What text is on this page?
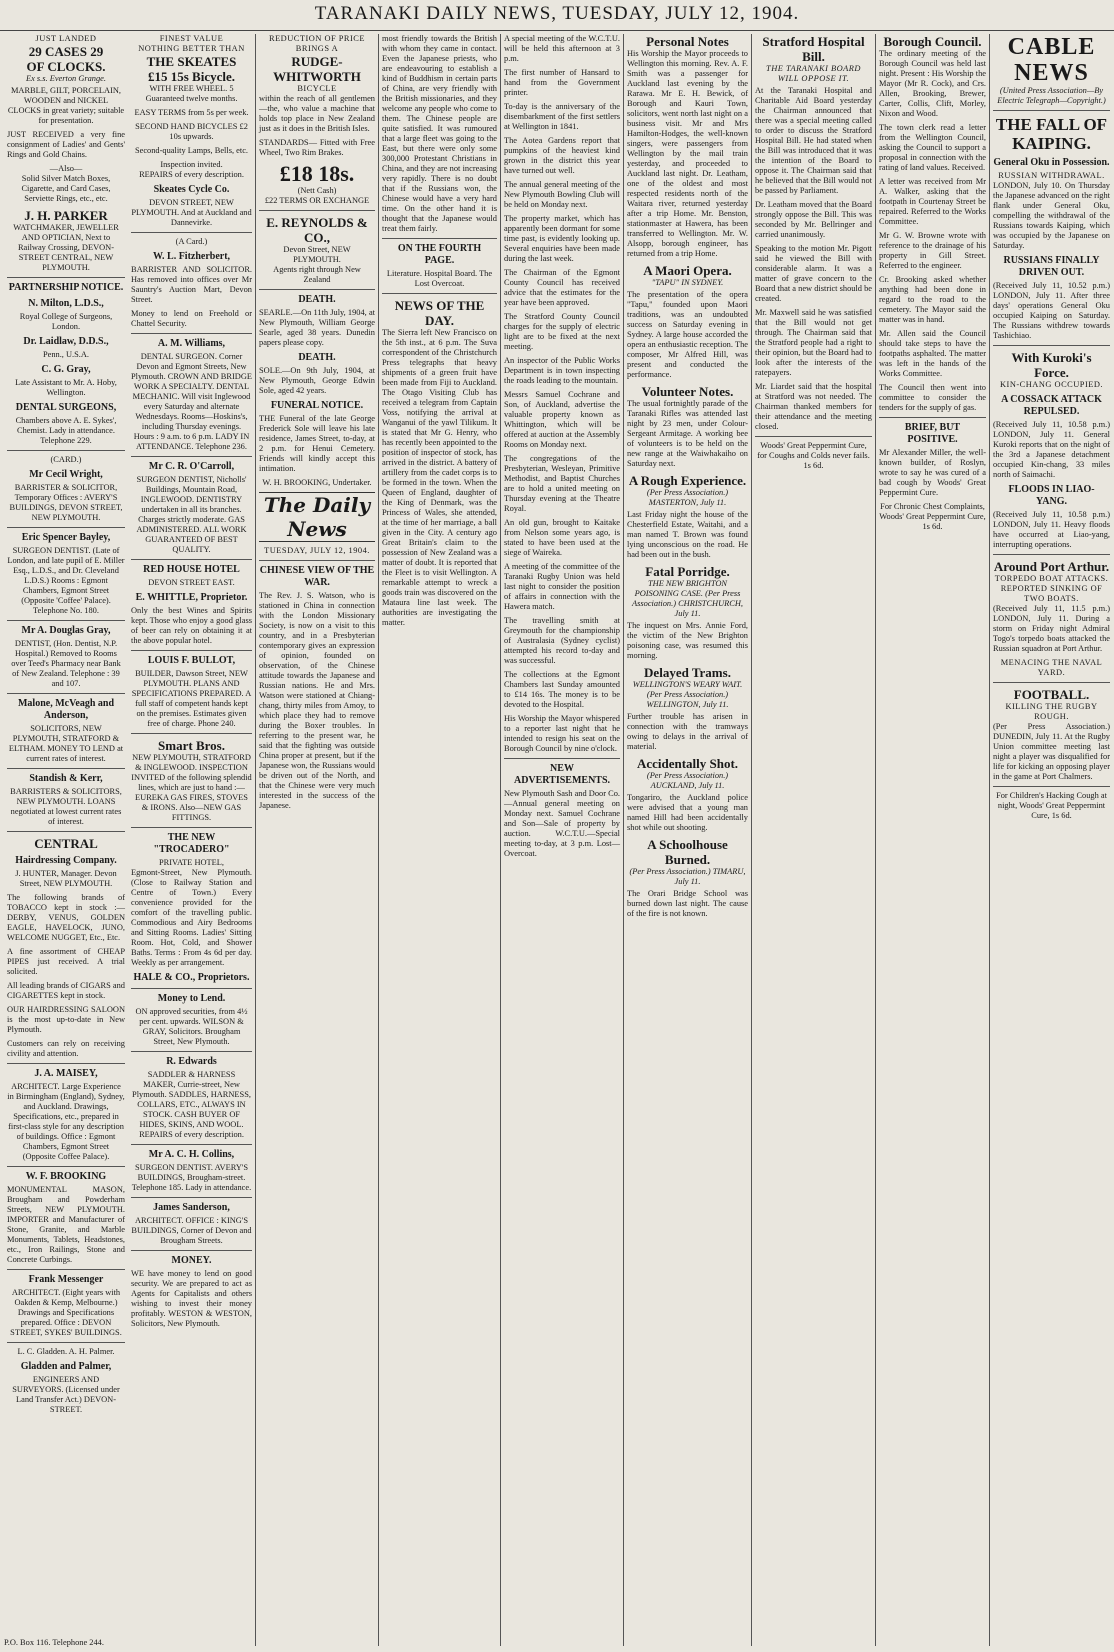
TARANAKI DAILY NEWS, TUESDAY, JULY 12, 1904.
JUST LANDED
29 CASES 29
OF CLOCKS.
Ex s.s. Everton Grange.
MARBLE, GILT, PORCELAIN, WOODEN and NICKEL CLOCKS in great variety; suitable for presentation.
JUST RECEIVED a very fine consignment of Ladies' and Gents' Rings and Gold Chains.
—Also—
Solid Silver Match Boxes, Cigarette, and Card Cases, Serviette Rings, etc., etc.
J. H. PARKER
WATCHMAKER, JEWELLER AND OPTICIAN, Next to Railway Crossing, DEVON-STREET CENTRAL, NEW PLYMOUTH.
PARTNERSHIP NOTICE.
N. Milton, L.D.S.,
Royal College of Surgeons, London.
Dr. Laidlaw, D.D.S.,
Penn., U.S.A.
C. G. Gray,
Late Assistant to Mr. A. Hoby, Wellington.
DENTAL SURGEONS,
Chambers above A. E. Sykes', Chemist. Lady in attendance. Telephone 229.
(CARD.)
Mr Cecil Wright,
BARRISTER & SOLICITOR, Temporary Offices : AVERY'S BUILDINGS, DEVON STREET, NEW PLYMOUTH.
Eric Spencer Bayley,
SURGEON DENTIST. (Late of London, and late pupil of E. Miller Esq., L.D.S., and Dr. Cleveland L.D.S.) Rooms : Egmont Chambers, Egmont Street (Opposite 'Coffee' Palace). Telephone No. 180.
Mr A. Douglas Gray,
DENTIST, (Hon. Dentist, N.P. Hospital.) Removed to Rooms over Teed's Pharmacy near Bank of New Zealand. Telephone : 39 and 107.
Malone, McVeagh and Anderson,
SOLICITORS, NEW PLYMOUTH, STRATFORD & ELTHAM. MONEY TO LEND at current rates of interest.
Standish & Kerr,
BARRISTERS & SOLICITORS, NEW PLYMOUTH. LOANS negotiated at lowest current rates of interest.
CENTRAL
Hairdressing Company.
J. HUNTER, Manager. Devon Street, NEW PLYMOUTH.
The following brands of TOBACCO kept in stock :— DERBY, VENUS, GOLDEN EAGLE, HAVELOCK, JUNO, WELCOME NUGGET, Etc., Etc.
A fine assortment of CHEAP PIPES just received. A trial solicited.
All leading brands of CIGARS and CIGARETTES kept in stock.
OUR HAIRDRESSING SALOON is the most up-to-date in New Plymouth.
Customers can rely on receiving civility and attention.
J. A. MAISEY,
ARCHITECT. Large Experience in Birmingham (England), Sydney, and Auckland. Drawings, Specifications, etc., prepared in first-class style for any description of buildings. Office : Egmont Chambers, Egmont Street (Opposite Coffee Palace).
W. F. BROOKING
MONUMENTAL MASON, Brougham and Powderham Streets, NEW PLYMOUTH. IMPORTER and Manufacturer of Stone, Granite, and Marble Monuments, Tablets, Headstones, etc., Iron Railings, Stone and Concrete Curbings.
Frank Messenger
ARCHITECT. (Eight years with Oakden & Kemp, Melbourne.) Drawings and Specifications prepared. Office : DEVON STREET, SYKES' BUILDINGS.
L. C. Gladden. A. H. Palmer.
Gladden and Palmer,
ENGINEERS AND SURVEYORS. (Licensed under Land Transfer Act.) DEVON-STREET.
P.O. Box 116. Telephone 244.
FINEST VALUE
NOTHING BETTER THAN
THE SKEATES
£15 15s Bicycle.
WITH FREE WHEEL. 5 Guaranteed twelve months.
EASY TERMS from 5s per week.
SECOND HAND BICYCLES £2 10s upwards.
Second-quality Lamps, Bells, etc.
Inspection invited.
REPAIRS of every description.
Skeates Cycle Co.
DEVON STREET, NEW PLYMOUTH. And at Auckland and Dannevirke.
(A Card.)
W. L. Fitzherbert,
BARRISTER AND SOLICITOR. Has removed into offices over Mr Sauntry's Auction Mart, Devon Street.
Money to lend on Freehold or Chattel Security.
A. M. Williams,
DENTAL SURGEON. Corner Devon and Egmont Streets, New Plymouth. CROWN AND BRIDGE WORK A SPECIALTY. DENTAL MECHANIC. Will visit Inglewood every Saturday and alternate Wednesdays. Rooms—Hoskins's, including Thursday evenings. Hours : 9 a.m. to 6 p.m. LADY IN ATTENDANCE. Telephone 236.
Mr C. R. O'Carroll,
SURGEON DENTIST, Nicholls' Buildings, Mountain Road, INGLEWOOD. DENTISTRY undertaken in all its branches. Charges strictly moderate. GAS ADMINISTERED. ALL WORK GUARANTEED OF BEST QUALITY.
RED HOUSE HOTEL
DEVON STREET EAST.
E. WHITTLE, Proprietor.
Only the best Wines and Spirits kept. Those who enjoy a good glass of beer can rely on obtaining it at the above popular hotel.
LOUIS F. BULLOT,
BUILDER, Dawson Street, NEW PLYMOUTH. PLANS AND SPECIFICATIONS PREPARED. A full staff of competent hands kept on the premises. Estimates given free of charge. Phone 240.
Smart Bros.
NEW PLYMOUTH, STRATFORD & INGLEWOOD. INSPECTION INVITED of the following splendid lines, which are just to hand :— EUREKA GAS FIRES, STOVES & IRONS. Also—NEW GAS FITTINGS.
THE NEW "TROCADERO"
PRIVATE HOTEL,
Egmont-Street, New Plymouth. (Close to Railway Station and Centre of Town.) Every convenience provided for the comfort of the travelling public. Commodious and Airy Bedrooms and Sitting Rooms. Ladies' Sitting Room. Hot, Cold, and Shower Baths. Terms : From 4s 6d per day. Weekly as per arrangement.
HALE & CO., Proprietors.
Money to Lend.
ON approved securities, from 4½ per cent. upwards. WILSON & GRAY, Solicitors. Brougham Street, New Plymouth.
R. Edwards
SADDLER & HARNESS MAKER, Currie-street, New Plymouth. SADDLES, HARNESS, COLLARS, ETC., ALWAYS IN STOCK. CASH BUYER OF HIDES, SKINS, AND WOOL. REPAIRS of every description.
Mr A. C. H. Collins,
SURGEON DENTIST. AVERY'S BUILDINGS, Brougham-street. Telephone 185. Lady in attendance.
James Sanderson,
ARCHITECT. OFFICE : KING'S BUILDINGS, Corner of Devon and Brougham Streets.
MONEY.
WE have money to lend on good security. We are prepared to act as Agents for Capitalists and others wishing to invest their money profitably. WESTON & WESTON, Solicitors, New Plymouth.
REDUCTION OF PRICE BRINGS A
RUDGE-WHITWORTH
BICYCLE
within the reach of all gentlemen—the, who value a machine that holds top place in New Zealand just as it does in the British Isles.
STANDARDS— Fitted with Free Wheel, Two Rim Brakes.
£18 18s.
(Nett Cash)
£22 TERMS OR EXCHANGE
E. REYNOLDS & CO.,
Devon Street, NEW PLYMOUTH.
Agents right through New Zealand
DEATH.
SEARLE.—On 11th July, 1904, at New Plymouth, William George Searle, aged 38 years. Dunedin papers please copy.
DEATH.
SOLE.—On 9th July, 1904, at New Plymouth, George Edwin Sole, aged 42 years.
FUNERAL NOTICE.
THE Funeral of the late George Frederick Sole will leave his late residence, James Street, to-day, at 2 p.m. for Henui Cemetery. Friends will kindly accept this intimation.
W. H. BROOKING, Undertaker.
The Daily News
TUESDAY, JULY 12, 1904.
CHINESE VIEW OF THE WAR.
The Rev. J. S. Watson, who is stationed in China in connection with the London Missionary Society, is now on a visit to this country, and in a Presbyterian contemporary gives an expression of opinion, founded on observation, of the Chinese attitude towards the Japanese and Russian nations. He and Mrs. Watson were stationed at Chiang-chang, thirty miles from Amoy, to which place they had to remove during the Boxer troubles. In referring to the present war, he said that the fighting was outside China proper at present, but if the Japanese won, the Russians would be driven out of the North, and that the Chinese were very much interested in the success of the Japanese.
most friendly towards the British with whom they came in contact. Even the Japanese priests, who are endeavouring to establish a kind of Buddhism in certain parts of China, are very friendly with the British missionaries, and they welcome any people who come to them. The Chinese people are quite satisfied. It was rumoured that a large fleet was going to the East, but there were only some 300,000 Protestant Christians in China, and they are not increasing very rapidly. There is no doubt that if the Russians won, the Chinese would have a very hard time. On the other hand it is thought that the Japanese would treat them fairly.
ON THE FOURTH PAGE.
Literature. Hospital Board. The Lost Overcoat.
NEWS OF THE DAY.
The Sierra left New Francisco on the 5th inst., at 6 p.m. The Suva correspondent of the Christchurch Press telegraphs that heavy shipments of a green fruit have been made from Fiji to Auckland. The Otago Visiting Club has received a telegram from Captain Voss, notifying the arrival at Wanganui of the yawl Tilikum. It is stated that Mr G. Henry, who has recently been appointed to the position of inspector of stock, has arrived in the district. A battery of artillery from the cadet corps is to be formed in the town. When the Queen of England, daughter of the King of Denmark, was the Princess of Wales, she attended, at the time of her marriage, a ball given in the City. A century ago Great Britain's claim to the possession of New Zealand was a matter of doubt. It is reported that the Fleet is to visit Wellington. A remarkable attempt to wreck a goods train was discovered on the Mataura line last week. The authorities are investigating the matter.
A special meeting of the W.C.T.U. will be held this afternoon at 3 p.m.
The first number of Hansard to hand from the Government printer.
To-day is the anniversary of the disembarkment of the first settlers at Wellington in 1841.
The Aotea Gardens report that pumpkins of the heaviest kind grown in the district this year have turned out well.
The annual general meeting of the New Plymouth Bowling Club will be held on Monday next.
The property market, which has apparently been dormant for some time past, is evidently looking up. Several enquiries have been made during the last week.
The Chairman of the Egmont County Council has received advice that the estimates for the year have been approved.
The Stratford County Council charges for the supply of electric light are to be fixed at the next meeting.
An inspector of the Public Works Department is in town inspecting the roads leading to the mountain.
Messrs Samuel Cochrane and Son, of Auckland, advertise the valuable property known as Whittington, which will be offered at auction at the Assembly Rooms on Monday next.
The congregations of the Presbyterian, Wesleyan, Primitive Methodist, and Baptist Churches are to hold a united meeting on Thursday evening at the Theatre Royal.
An old gun, brought to Kaitake from Nelson some years ago, is stated to have been used at the siege of Waireka.
A meeting of the committee of the Taranaki Rugby Union was held last night to consider the position of affairs in connection with the Hawera match.
The travelling smith at Greymouth for the championship of Australasia (Sydney cyclist) attempted his record to-day and was successful.
The collections at the Egmont Chambers last Sunday amounted to £14 16s. The money is to be devoted to the Hospital.
His Worship the Mayor whispered to a reporter last night that he intended to resign his seat on the Borough Council by nine o'clock.
NEW ADVERTISEMENTS.
New Plymouth Sash and Door Co.—Annual general meeting on Monday next. Samuel Cochrane and Son—Sale of property by auction. W.C.T.U.—Special meeting to-day, at 3 p.m. Lost—Overcoat.
Personal Notes
His Worship the Mayor proceeds to Wellington this morning. Rev. A. F. Smith was a passenger for Auckland last evening by the Rarawa. Mr E. H. Bewick, of Borough and Kauri Town, solicitors, went north last night on a business visit. Mr and Mrs Hamilton-Hodges, the well-known singers, were passengers from Wellington by the mail train yesterday, and proceeded to Auckland last night. Dr. Leatham, one of the oldest and most respected residents north of the Waitara river, returned yesterday after a trip Home. Mr. Benston, stationmaster at Hawera, has been transferred to Wellington. Mr. W. Alsopp, borough engineer, has returned from a trip Home.
A Maori Opera.
"TAPU" IN SYDNEY.
The presentation of the opera "Tapu," founded upon Maori traditions, was an undoubted success on Saturday evening in Sydney. A large house accorded the opera an enthusiastic reception. The composer, Mr Alfred Hill, was present and conducted the performance.
Volunteer Notes.
The usual fortnightly parade of the Taranaki Rifles was attended last night by 23 men, under Colour-Sergeant Armitage. A working bee of volunteers is to be held on the new range at the Waiwhakaiho on Saturday next.
A Rough Experience.
(Per Press Association.) MASTERTON, July 11.
Last Friday night the house of the Chesterfield Estate, Waitahi, and a man named T. Brown was found lying unconscious on the road. He had been out in the bush.
Fatal Porridge.
THE NEW BRIGHTON POISONING CASE. (Per Press Association.) CHRISTCHURCH, July 11.
The inquest on Mrs. Annie Ford, the victim of the New Brighton poisoning case, was resumed this morning.
Delayed Trams.
WELLINGTON'S WEARY WAIT. (Per Press Association.) WELLINGTON, July 11.
Further trouble has arisen in connection with the tramways owing to delays in the arrival of material.
Accidentally Shot.
(Per Press Association.) AUCKLAND, July 11.
Tongariro, the Auckland police were advised that a young man named Hill had been accidentally shot while out shooting.
A Schoolhouse Burned.
(Per Press Association.) TIMARU, July 11.
The Orari Bridge School was burned down last night. The cause of the fire is not known.
Stratford Hospital Bill.
THE TARANAKI BOARD WILL OPPOSE IT.
At the Taranaki Hospital and Charitable Aid Board yesterday the Chairman announced that there was a special meeting called to order to discuss the Stratford Hospital Bill. He had stated when the Bill was introduced that it was the intention of the Board to oppose it. The Chairman said that he believed that the Bill would not be passed by Parliament.
Dr. Leatham moved that the Board strongly oppose the Bill. This was seconded by Mr. Bellringer and carried unanimously.
Speaking to the motion Mr. Pigott said he viewed the Bill with considerable alarm. It was a matter of grave concern to the Board that a new district should be created.
Mr. Maxwell said he was satisfied that the Bill would not get through. The Chairman said that the Stratford people had a right to their opinion, but the Board had to look after the interests of the ratepayers.
Mr. Liardet said that the hospital at Stratford was not needed. The Chairman thanked members for their attendance and the meeting closed.
Woods' Great Peppermint Cure, for Coughs and Colds never fails. 1s 6d.
Borough Council.
The ordinary meeting of the Borough Council was held last night. Present : His Worship the Mayor (Mr R. Cock), and Crs. Allen, Brooking, Brewer, Carter, Collis, Clift, Morley, Nixon and Wood.
The town clerk read a letter from the Wellington Council, asking the Council to support a proposal in connection with the rating of land values. Received.
A letter was received from Mr A. Walker, asking that the footpath in Courtenay Street be repaired. Referred to the Works Committee.
Mr G. W. Browne wrote with reference to the drainage of his property in Gill Street. Referred to the engineer.
Cr. Brooking asked whether anything had been done in regard to the road to the cemetery. The Mayor said the matter was in hand.
Mr. Allen said the Council should take steps to have the footpaths asphalted. The matter was left in the hands of the Works Committee.
The Council then went into committee to consider the tenders for the supply of gas.
BRIEF, BUT POSITIVE.
Mr Alexander Miller, the well-known builder, of Roslyn, wrote to say he was cured of a bad cough by Woods' Great Peppermint Cure.
For Chronic Chest Complaints, Woods' Great Peppermint Cure, 1s 6d.
CABLE NEWS
(United Press Association—By Electric Telegraph—Copyright.)
THE FALL OF KAIPING.
General Oku in Possession.
RUSSIAN WITHDRAWAL.
LONDON, July 10. On Thursday the Japanese advanced on the right flank under General Oku, compelling the withdrawal of the Russians towards Kaiping, which was occupied by the Japanese on Saturday.
RUSSIANS FINALLY DRIVEN OUT.
(Received July 11, 10.52 p.m.) LONDON, July 11. After three days' operations General Oku occupied Kaiping on Saturday. The Russians withdrew towards Tashichiao.
With Kuroki's Force.
KIN-CHANG OCCUPIED.
A COSSACK ATTACK REPULSED.
(Received July 11, 10.58 p.m.) LONDON, July 11. General Kuroki reports that on the night of the 3rd a Japanese detachment occupied Kin-chang, 33 miles north of Saimachi.
FLOODS IN LIAO-YANG.
(Received July 11, 10.58 p.m.) LONDON, July 11. Heavy floods have occurred at Liao-yang, interrupting operations.
Around Port Arthur.
TORPEDO BOAT ATTACKS.
REPORTED SINKING OF TWO BOATS.
(Received July 11, 11.5 p.m.) LONDON, July 11. During a storm on Friday night Admiral Togo's torpedo boats attacked the Russian squadron at Port Arthur.
MENACING THE NAVAL YARD.
FOOTBALL.
KILLING THE RUGBY ROUGH.
(Per Press Association.) DUNEDIN, July 11. At the Rugby Union committee meeting last night a player was disqualified for life for kicking an opposing player in the game at Port Chalmers.
For Children's Hacking Cough at night, Woods' Great Peppermint Cure, 1s 6d.
